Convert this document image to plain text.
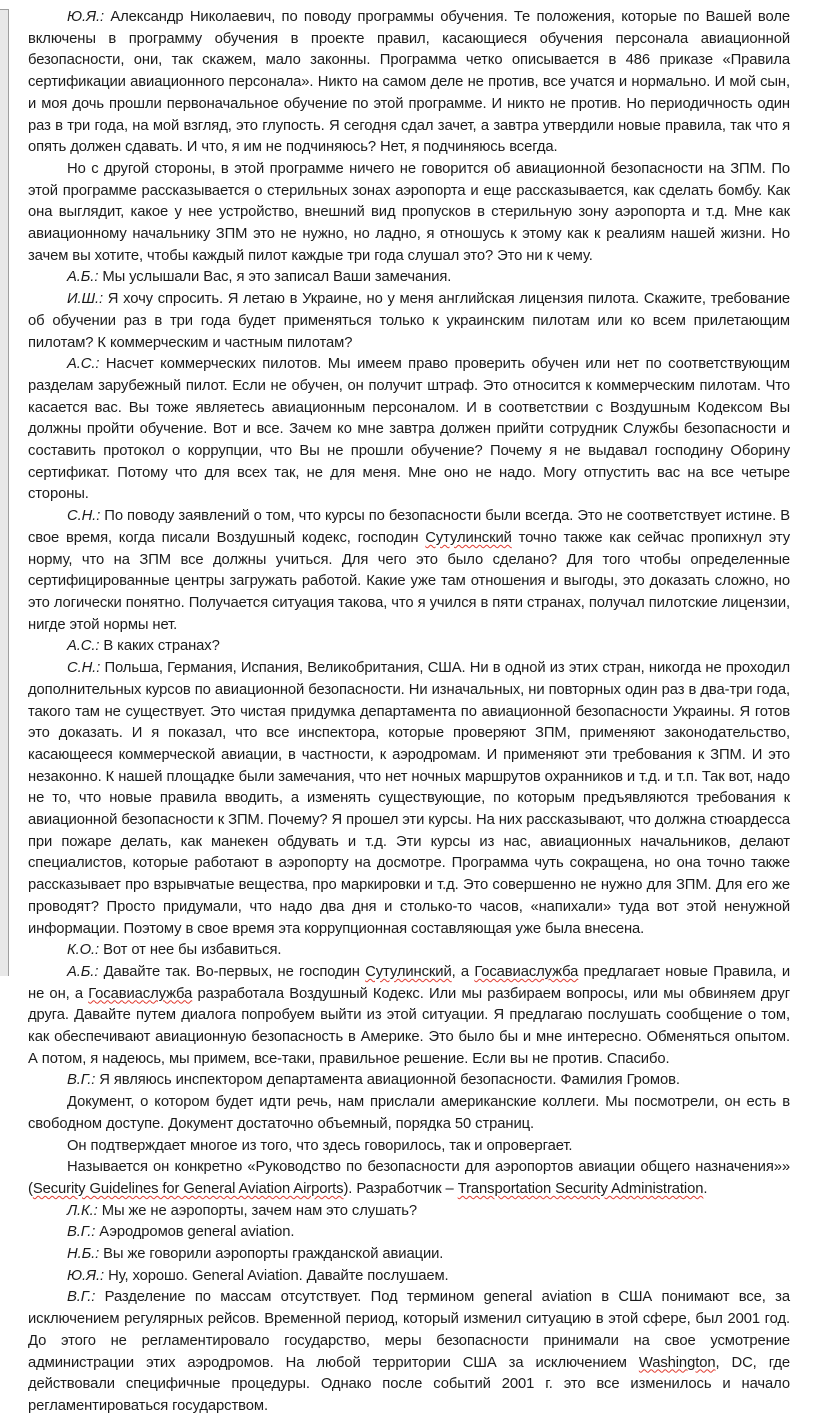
Ю.Я.: Александр Николаевич, по поводу программы обучения. Те положения, которые по Вашей воле включены в программу обучения в проекте правил, касающиеся обучения персонала авиационной безопасности, они, так скажем, мало законны. Программа четко описывается в 486 приказе «Правила сертификации авиационного персонала». Никто на самом деле не против, все учатся и нормально. И мой сын, и моя дочь прошли первоначальное обучение по этой программе. И никто не против. Но периодичность один раз в три года, на мой взгляд, это глупость. Я сегодня сдал зачет, а завтра утвердили новые правила, так что я опять должен сдавать. И что, я им не подчиняюсь? Нет, я подчиняюсь всегда.

Но с другой стороны, в этой программе ничего не говорится об авиационной безопасности на ЗПМ. По этой программе рассказывается о стерильных зонах аэропорта и еще рассказывается, как сделать бомбу. Как она выглядит, какое у нее устройство, внешний вид пропусков в стерильную зону аэропорта и т.д. Мне как авиационному начальнику ЗПМ это не нужно, но ладно, я отношусь к этому как к реалиям нашей жизни. Но зачем вы хотите, чтобы каждый пилот каждые три года слушал это? Это ни к чему.

А.Б.: Мы услышали Вас, я это записал Ваши замечания.

И.Ш.: Я хочу спросить. Я летаю в Украине, но у меня английская лицензия пилота. Скажите, требование об обучении раз в три года будет применяться только к украинским пилотам или ко всем прилетающим пилотам? К коммерческим и частным пилотам?

А.С.: Насчет коммерческих пилотов. Мы имеем право проверить обучен или нет по соответствующим разделам зарубежный пилот. Если не обучен, он получит штраф. Это относится к коммерческим пилотам. Что касается вас. Вы тоже являетесь авиационным персоналом. И в соответствии с Воздушным Кодексом Вы должны пройти обучение. Вот и все. Зачем ко мне завтра должен прийти сотрудник Службы безопасности и составить протокол о коррупции, что Вы не прошли обучение? Почему я не выдавал господину Оборину сертификат. Потому что для всех так, не для меня. Мне оно не надо. Могу отпустить вас на все четыре стороны.

С.Н.: По поводу заявлений о том, что курсы по безопасности были всегда. Это не соответствует истине. В свое время, когда писали Воздушный кодекс, господин Сутулинский точно также как сейчас пропихнул эту норму, что на ЗПМ все должны учиться. Для чего это было сделано? Для того чтобы определенные сертифицированные центры загружать работой. Какие уже там отношения и выгоды, это доказать сложно, но это логически понятно. Получается ситуация такова, что я учился в пяти странах, получал пилотские лицензии, нигде этой нормы нет.

А.С.: В каких странах?

С.Н.: Польша, Германия, Испания, Великобритания, США. Ни в одной из этих стран, никогда не проходил дополнительных курсов по авиационной безопасности. Ни изначальных, ни повторных один раз в два-три года, такого там не существует. Это чистая придумка департамента по авиационной безопасности Украины. Я готов это доказать. И я показал, что все инспектора, которые проверяют ЗПМ, применяют законодательство, касающееся коммерческой авиации, в частности, к аэродромам. И применяют эти требования к ЗПМ. И это незаконно. К нашей площадке были замечания, что нет ночных маршрутов охранников и т.д. и т.п. Так вот, надо не то, что новые правила вводить, а изменять существующие, по которым предъявляются требования к авиационной безопасности к ЗПМ. Почему? Я прошел эти курсы. На них рассказывают, что должна стюардесса при пожаре делать, как манекен обдувать и т.д. Эти курсы из нас, авиационных начальников, делают специалистов, которые работают в аэропорту на досмотре. Программа чуть сокращена, но она точно также рассказывает про взрывчатые вещества, про маркировки и т.д. Это совершенно не нужно для ЗПМ. Для его же проводят? Просто придумали, что надо два дня и столько-то часов, «напихали» туда вот этой ненужной информации. Поэтому в свое время эта коррупционная составляющая уже была внесена.

К.О.: Вот от нее бы избавиться.

А.Б.: Давайте так. Во-первых, не господин Сутулинский, а Госавиаслужба предлагает новые Правила, и не он, а Госавиаслужба разработала Воздушный Кодекс. Или мы разбираем вопросы, или мы обвиняем друг друга. Давайте путем диалога попробуем выйти из этой ситуации. Я предлагаю послушать сообщение о том, как обеспечивают авиационную безопасность в Америке. Это было бы и мне интересно. Обменяться опытом. А потом, я надеюсь, мы примем, все-таки, правильное решение. Если вы не против. Спасибо.

В.Г.: Я являюсь инспектором департамента авиационной безопасности. Фамилия Громов.

Документ, о котором будет идти речь, нам прислали американские коллеги. Мы посмотрели, он есть в свободном доступе. Документ достаточно объемный, порядка 50 страниц.

Он подтверждает многое из того, что здесь говорилось, так и опровергает.

Называется он конкретно «Руководство по безопасности для аэропортов авиации общего назначения»» (Security Guidelines for General Aviation Airports). Разработчик – Transportation Security Administration.

Л.К.: Мы же не аэропорты, зачем нам это слушать?

В.Г.: Аэродромов general aviation.

Н.Б.: Вы же говорили аэропорты гражданской авиации.

Ю.Я.: Ну, хорошо. General Aviation. Давайте послушаем.

В.Г.: Разделение по массам отсутствует. Под термином general aviation в США понимают все, за исключением регулярных рейсов. Временной период, который изменил ситуацию в этой сфере, был 2001 год. До этого не регламентировало государство, меры безопасности принимали на свое усмотрение администрации этих аэродромов. На любой территории США за исключением Washington, DC, где действовали специфичные процедуры. Однако после событий 2001 г. это все изменилось и начало регламентироваться государством.
